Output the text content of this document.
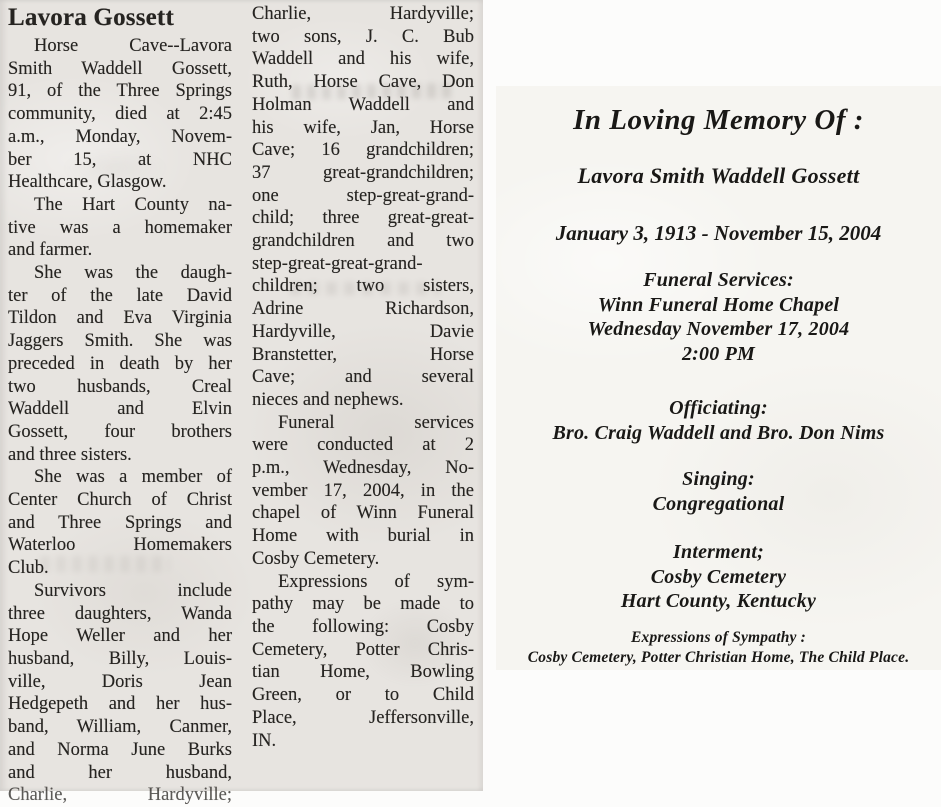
Lavora Gossett
Horse Cave--Lavora
Smith Waddell Gossett,
91, of the Three Springs
community, died at 2:45
a.m., Monday, Novem-
ber 15, at NHC
Healthcare, Glasgow.
The Hart County na-
tive was a homemaker
and farmer.
She was the daugh-
ter of the late David
Tildon and Eva Virginia
Jaggers Smith. She was
preceded in death by her
two husbands, Creal
Waddell and Elvin
Gossett, four brothers
and three sisters.
She was a member of
Center Church of Christ
and Three Springs and
Waterloo Homemakers
Club.
Survivors include
three daughters, Wanda
Hope Weller and her
husband, Billy, Louis-
ville, Doris Jean
Hedgepeth and her hus-
band, William, Canmer,
and Norma June Burks
and her husband,
Charlie, Hardyville;
Charlie, Hardyville;
two sons, J. C. Bub
Waddell and his wife,
Ruth, Horse Cave, Don
Holman Waddell and
his wife, Jan, Horse
Cave; 16 grandchildren;
37 great-grandchildren;
one step-great-grand-
child; three great-great-
grandchildren and two
step-great-great-grand-
children; two sisters,
Adrine Richardson,
Hardyville, Davie
Branstetter, Horse
Cave; and several
nieces and nephews.
Funeral services
were conducted at 2
p.m., Wednesday, No-
vember 17, 2004, in the
chapel of Winn Funeral
Home with burial in
Cosby Cemetery.
Expressions of sym-
pathy may be made to
the following: Cosby
Cemetery, Potter Chris-
tian Home, Bowling
Green, or to Child
Place, Jeffersonville,
IN.
In Loving Memory Of :
Lavora Smith Waddell Gossett
January 3, 1913 - November 15, 2004
Funeral Services:
Winn Funeral Home Chapel
Wednesday November 17, 2004
2:00 PM
Officiating:
Bro. Craig Waddell and Bro. Don Nims
Singing:
Congregational
Interment;
Cosby Cemetery
Hart County, Kentucky
Expressions of Sympathy :
Cosby Cemetery, Potter Christian Home, The Child Place.
